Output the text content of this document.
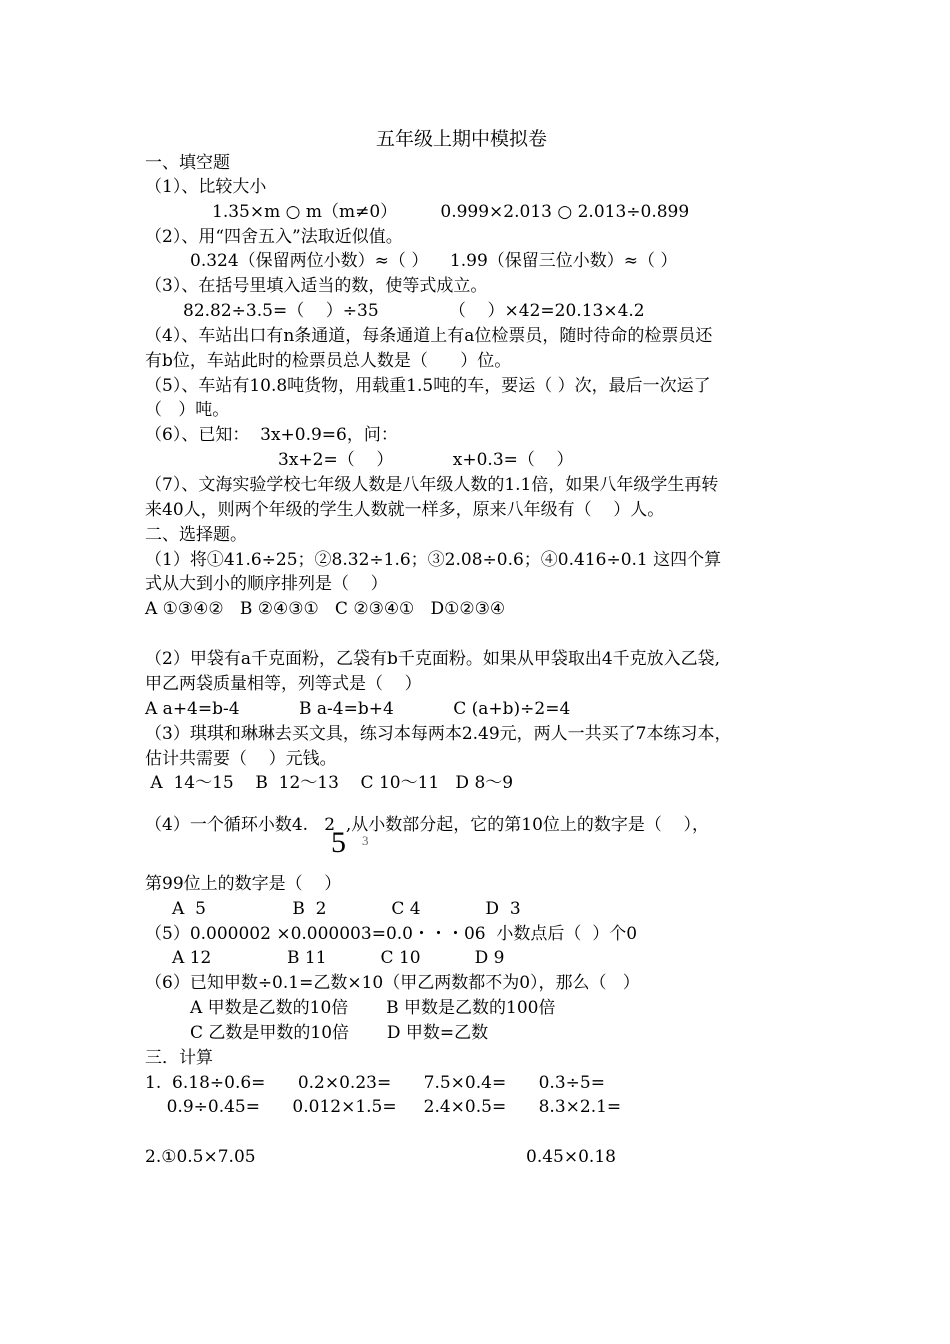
五年级上期中模拟卷
一、填空题
（1）、比较大小
1.35×m ○ m（m≠0）        0.999×2.013 ○ 2.013÷0.899
（2）、用“四舍五入”法取近似值。
0.324（保留两位小数）≈（ ）    1.99（保留三位小数）≈（ ）
（3）、在括号里填入适当的数，使等式成立。
82.82÷3.5=（    ）÷35             （    ）×42=20.13×4.2
（4）、车站出口有n条通道，每条通道上有a位检票员，随时待命的检票员还
有b位，车站此时的检票员总人数是（      ）位。
（5）、车站有10.8吨货物，用载重1.5吨的车，要运（ ）次，最后一次运了
（   ）吨。
（6）、已知：  3x+0.9=6，问：
3x+2=（    ）           x+0.3=（    ）
（7）、文海实验学校七年级人数是八年级人数的1.1倍，如果八年级学生再转
来40人，则两个年级的学生人数就一样多，原来八年级有（    ）人。
二、选择题。
（1）将①41.6÷25；②8.32÷1.6；③2.08÷0.6；④0.416÷0.1 这四个算
式从大到小的顺序排列是（    ）
A ①③④②   B ②④③①   C ②③④①   D①②③④
（2）甲袋有a千克面粉，乙袋有b千克面粉。如果从甲袋取出4千克放入乙袋,
甲乙两袋质量相等，列等式是（    ）
A a+4=b-4           B a-4=b+4           C (a+b)÷2=4
（3）琪琪和琳琳去买文具，练习本每两本2.49元，两人一共买了7本练习本，
估计共需要（    ）元钱。
A  14～15    B  12～13    C 10～11   D 8～9
（4）一个循环小数4.   2  ,从小数部分起，它的第10位上的数字是（    ），
5 3
第99位上的数字是（    ）
A  5                B  2            C 4            D  3
（5）0.000002 ×0.000003=0.0・・・06  小数点后（  ）个0
A 12              B 11          C 10          D 9
（6）已知甲数÷0.1=乙数×10（甲乙两数都不为0），那么（   ）
A 甲数是乙数的10倍       B 甲数是乙数的100倍
C 乙数是甲数的10倍       D 甲数=乙数
三．计算
1.  6.18÷0.6=      0.2×0.23=      7.5×0.4=      0.3÷5=
0.9÷0.45=      0.012×1.5=     2.4×0.5=      8.3×2.1=
2.①0.5×7.05	0.45×0.18
